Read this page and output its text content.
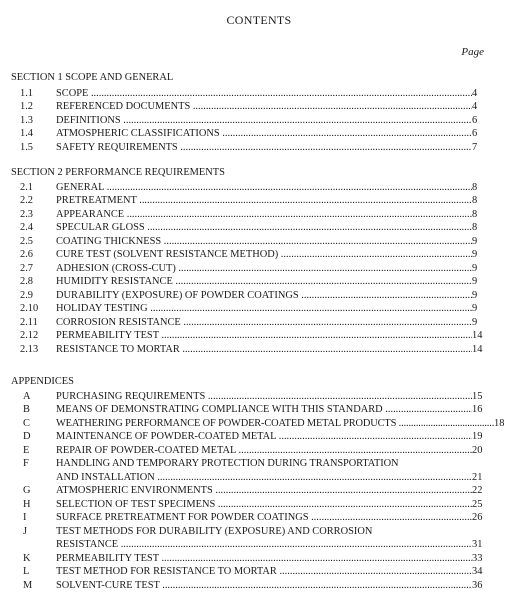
CONTENTS
Page
SECTION 1 SCOPE AND GENERAL
1.1 SCOPE .....	4
1.2 REFERENCED DOCUMENTS .....	4
1.3 DEFINITIONS .....	6
1.4 ATMOSPHERIC CLASSIFICATIONS .....	6
1.5 SAFETY REQUIREMENTS .....	7
SECTION 2 PERFORMANCE REQUIREMENTS
2.1 GENERAL .....	8
2.2 PRETREATMENT .....	8
2.3 APPEARANCE .....	8
2.4 SPECULAR GLOSS .....	8
2.5 COATING THICKNESS .....	9
2.6 CURE TEST (SOLVENT RESISTANCE METHOD) .....	9
2.7 ADHESION (CROSS-CUT) .....	9
2.8 HUMIDITY RESISTANCE .....	9
2.9 DURABILITY (EXPOSURE) OF POWDER COATINGS .....	9
2.10 HOLIDAY TESTING .....	9
2.11 CORROSION RESISTANCE .....	9
2.12 PERMEABILITY TEST .....	14
2.13 RESISTANCE TO MORTAR .....	14
APPENDICES
A PURCHASING REQUIREMENTS .....	15
B	MEANS OF DEMONSTRATING COMPLIANCE WITH THIS STANDARD .....	16
C	WEATHERING PERFORMANCE OF POWDER-COATED METAL PRODUCTS .....	18
D MAINTENANCE OF POWDER-COATED METAL .....	19
E	REPAIR OF POWDER-COATED METAL .....	20
F	HANDLING AND TEMPORARY PROTECTION DURING TRANSPORTATION
AND INSTALLATION .....	21
G ATMOSPHERIC ENVIRONMENTS .....	22
H SELECTION OF TEST SPECIMENS .....	25
I	SURFACE PRETREATMENT FOR POWDER COATINGS .....	26
J	TEST METHODS FOR DURABILITY (EXPOSURE) AND CORROSION
RESISTANCE .....	31
K PERMEABILITY TEST .....	33
L	TEST METHOD FOR RESISTANCE TO MORTAR .....	34
M SOLVENT-CURE TEST .....	36
